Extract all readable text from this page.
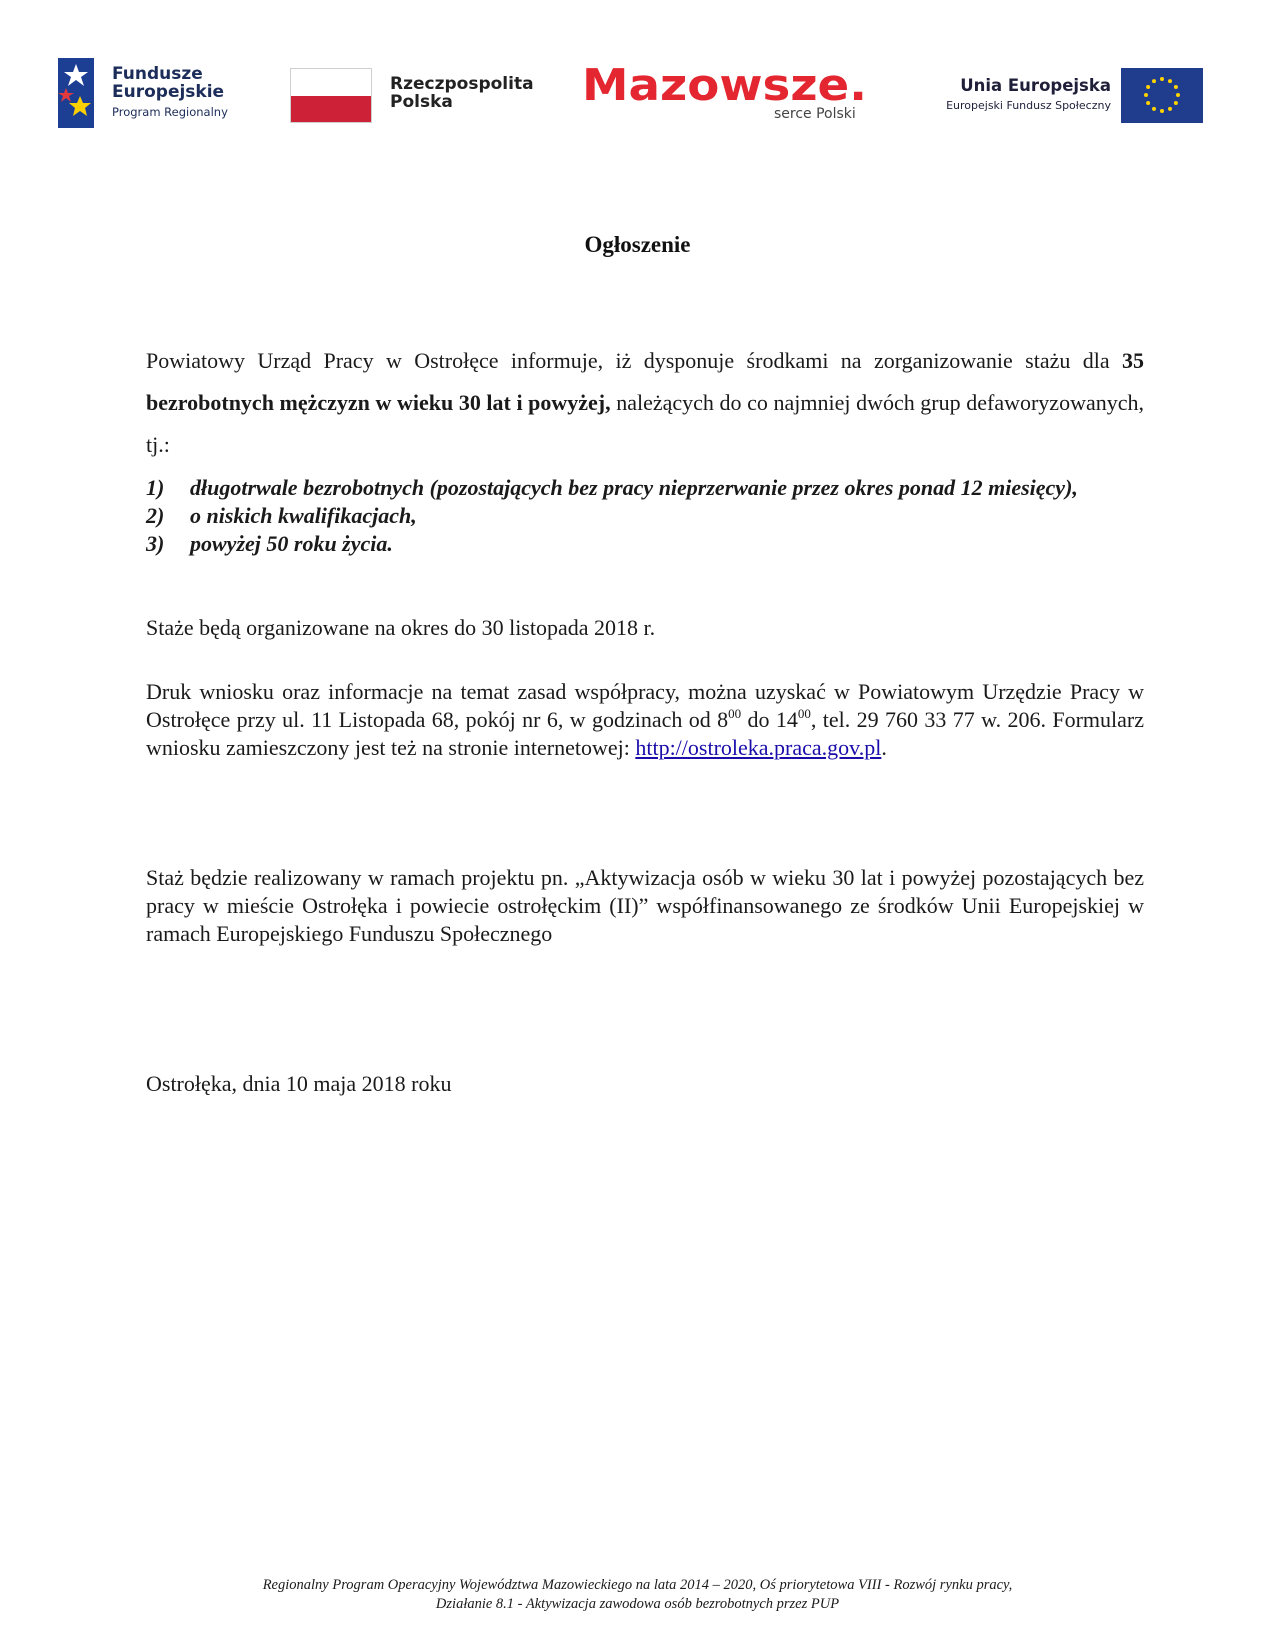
Fundusze
Europejskie
Program Regionalny
Rzeczpospolita
Polska	Mazowsze.
serce Polski
Unia Europejska
Europejski Fundusz Społeczny
Ogłoszenie
Powiatowy Urząd Pracy w Ostrołęce informuje, iż dysponuje środkami na zorganizowanie stażu dla 35 bezrobotnych mężczyzn w wieku 30 lat i powyżej, należących do co najmniej dwóch grup defaworyzowanych, tj.:
1) długotrwale bezrobotnych (pozostających bez pracy nieprzerwanie przez okres ponad 12 miesięcy),
2) o niskich kwalifikacjach,
3) powyżej 50 roku życia.
Staże będą organizowane na okres do 30 listopada 2018 r.
Druk wniosku oraz informacje na temat zasad współpracy, można uzyskać w Powiatowym Urzędzie Pracy w Ostrołęce przy ul. 11 Listopada 68, pokój nr 6, w godzinach od $8^{00}$ do $14^{00}$, tel. 29 760 33 77 w. 206. Formularz wniosku zamieszczony jest też na stronie internetowej: http://ostroleka.praca.gov.pl.
Staż będzie realizowany w ramach projektu pn. „Aktywizacja osób w wieku 30 lat i powyżej pozostających bez pracy w mieście Ostrołęka i powiecie ostrołęckim (II)” współfinansowanego ze środków Unii Europejskiej w ramach Europejskiego Funduszu Społecznego
Ostrołęka, dnia 10 maja 2018 roku
Regionalny Program Operacyjny Województwa Mazowieckiego na lata 2014 – 2020, Oś priorytetowa VIII - Rozwój rynku pracy,
Działanie 8.1 - Aktywizacja zawodowa osób bezrobotnych przez PUP
